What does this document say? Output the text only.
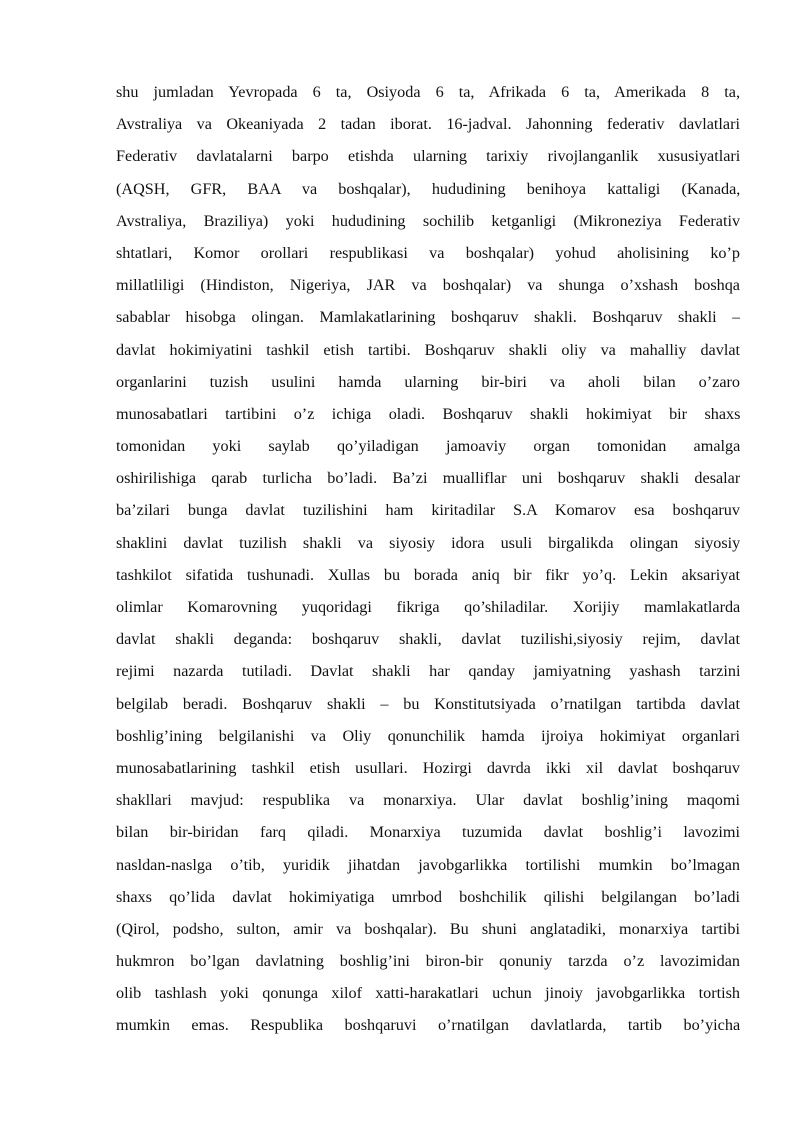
shu jumladan Yevropada 6 ta, Osiyoda 6 ta, Afrikada 6 ta, Amerikada 8 ta,
Avstraliya va Okeaniyada 2 tadan iborat. 16-jadval. Jahonning federativ davlatlari
Federativ davlatalarni barpo etishda ularning tarixiy rivojlanganlik xususiyatlari
(AQSH, GFR, BAA va boshqalar), hududining benihoya kattaligi (Kanada,
Avstraliya, Braziliya) yoki hududining sochilib ketganligi (Mikroneziya Federativ
shtatlari, Komor orollari respublikasi va boshqalar) yohud aholisining ko’p
millatliligi (Hindiston, Nigeriya, JAR va boshqalar) va shunga o’xshash boshqa
sabablar hisobga olingan. Mamlakatlarining boshqaruv shakli. Boshqaruv shakli –
davlat hokimiyatini tashkil etish tartibi. Boshqaruv shakli oliy va mahalliy davlat
organlarini tuzish usulini hamda ularning bir-biri va aholi bilan o’zaro
munosabatlari tartibini o’z ichiga oladi. Boshqaruv shakli hokimiyat bir shaxs
tomonidan yoki saylab qo’yiladigan jamoaviy organ tomonidan amalga
oshirilishiga qarab turlicha bo’ladi. Ba’zi mualliflar uni boshqaruv shakli desalar
ba’zilari bunga davlat tuzilishini ham kiritadilar S.A Komarov esa boshqaruv
shaklini davlat tuzilish shakli va siyosiy idora usuli birgalikda olingan siyosiy
tashkilot sifatida tushunadi. Xullas bu borada aniq bir fikr yo’q. Lekin aksariyat
olimlar Komarovning yuqoridagi fikriga qo’shiladilar. Xorijiy mamlakatlarda
davlat shakli deganda: boshqaruv shakli, davlat tuzilishi,siyosiy rejim, davlat
rejimi nazarda tutiladi. Davlat shakli har qanday jamiyatning yashash tarzini
belgilab beradi. Boshqaruv shakli – bu Konstitutsiyada o’rnatilgan tartibda davlat
boshlig’ining belgilanishi va Oliy qonunchilik hamda ijroiya hokimiyat organlari
munosabatlarining tashkil etish usullari. Hozirgi davrda ikki xil davlat boshqaruv
shakllari mavjud: respublika va monarxiya. Ular davlat boshlig’ining maqomi
bilan bir-biridan farq qiladi. Monarxiya tuzumida davlat boshlig’i lavozimi
nasldan-naslga o’tib, yuridik jihatdan javobgarlikka tortilishi mumkin bo’lmagan
shaxs qo’lida davlat hokimiyatiga umrbod boshchilik qilishi belgilangan bo’ladi
(Qirol, podsho, sulton, amir va boshqalar). Bu shuni anglatadiki, monarxiya tartibi
hukmron bo’lgan davlatning boshlig’ini biron-bir qonuniy tarzda o’z lavozimidan
olib tashlash yoki qonunga xilof xatti-harakatlari uchun jinoiy javobgarlikka tortish
mumkin emas. Respublika boshqaruvi o’rnatilgan davlatlarda, tartib bo’yicha
